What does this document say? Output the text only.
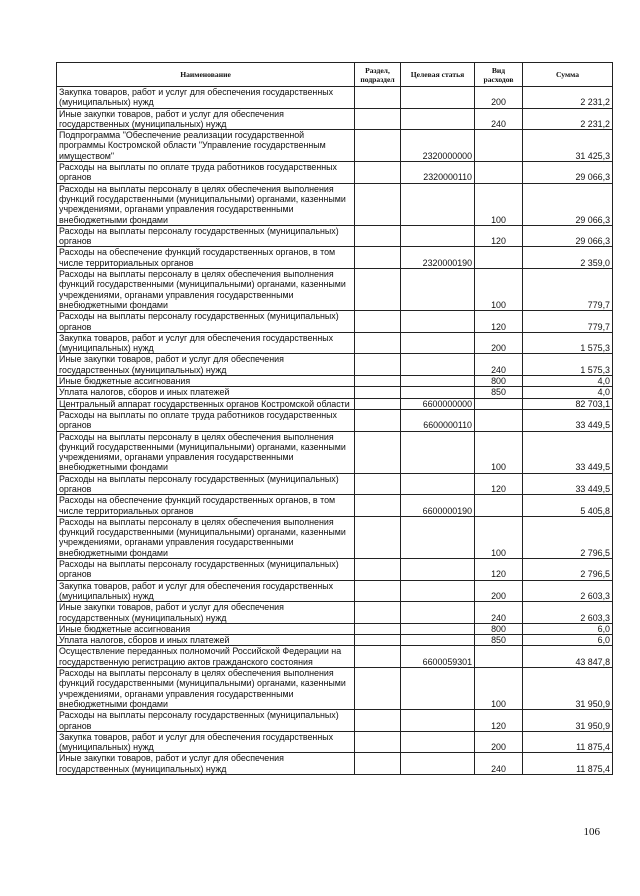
Наименование	Раздел, подраздел	Целевая статья	Вид расходов	Сумма
Закупка товаров, работ и услуг для обеспечения государственных (муниципальных) нужд			200	2 231,2
Иные закупки товаров, работ и услуг для обеспечения государственных (муниципальных) нужд			240	2 231,2
Подпрограмма "Обеспечение реализации государственной программы Костромской области "Управление государственным имуществом"		2320000000		31 425,3
Расходы на выплаты по оплате труда работников государственных органов		2320000110		29 066,3
Расходы на выплаты персоналу в целях обеспечения выполнения функций государственными (муниципальными) органами, казенными учреждениями, органами управления государственными внебюджетными фондами			100	29 066,3
Расходы на выплаты персоналу государственных (муниципальных) органов			120	29 066,3
Расходы на обеспечение функций государственных органов, в том числе территориальных органов		2320000190		2 359,0
Расходы на выплаты персоналу в целях обеспечения выполнения функций государственными (муниципальными) органами, казенными учреждениями, органами управления государственными внебюджетными фондами			100	779,7
Расходы на выплаты персоналу государственных (муниципальных) органов			120	779,7
Закупка товаров, работ и услуг для обеспечения государственных (муниципальных) нужд			200	1 575,3
Иные закупки товаров, работ и услуг для обеспечения государственных (муниципальных) нужд			240	1 575,3
Иные бюджетные ассигнования			800	4,0
Уплата налогов, сборов и иных платежей			850	4,0
Центральный аппарат государственных органов Костромской области		6600000000		82 703,1
Расходы на выплаты по оплате труда работников государственных органов		6600000110		33 449,5
Расходы на выплаты персоналу в целях обеспечения выполнения функций государственными (муниципальными) органами, казенными учреждениями, органами управления государственными внебюджетными фондами			100	33 449,5
Расходы на выплаты персоналу государственных (муниципальных) органов			120	33 449,5
Расходы на обеспечение функций государственных органов, в том числе территориальных органов		6600000190		5 405,8
Расходы на выплаты персоналу в целях обеспечения выполнения функций государственными (муниципальными) органами, казенными учреждениями, органами управления государственными внебюджетными фондами			100	2 796,5
Расходы на выплаты персоналу государственных (муниципальных) органов			120	2 796,5
Закупка товаров, работ и услуг для обеспечения государственных (муниципальных) нужд			200	2 603,3
Иные закупки товаров, работ и услуг для обеспечения государственных (муниципальных) нужд			240	2 603,3
Иные бюджетные ассигнования			800	6,0
Уплата налогов, сборов и иных платежей			850	6,0
Осуществление переданных полномочий Российской Федерации на государственную регистрацию актов гражданского состояния		6600059301		43 847,8
Расходы на выплаты персоналу в целях обеспечения выполнения функций государственными (муниципальными) органами, казенными учреждениями, органами управления государственными внебюджетными фондами			100	31 950,9
Расходы на выплаты персоналу государственных (муниципальных) органов			120	31 950,9
Закупка товаров, работ и услуг для обеспечения государственных (муниципальных) нужд			200	11 875,4
Иные закупки товаров, работ и услуг для обеспечения государственных (муниципальных) нужд			240	11 875,4
106
